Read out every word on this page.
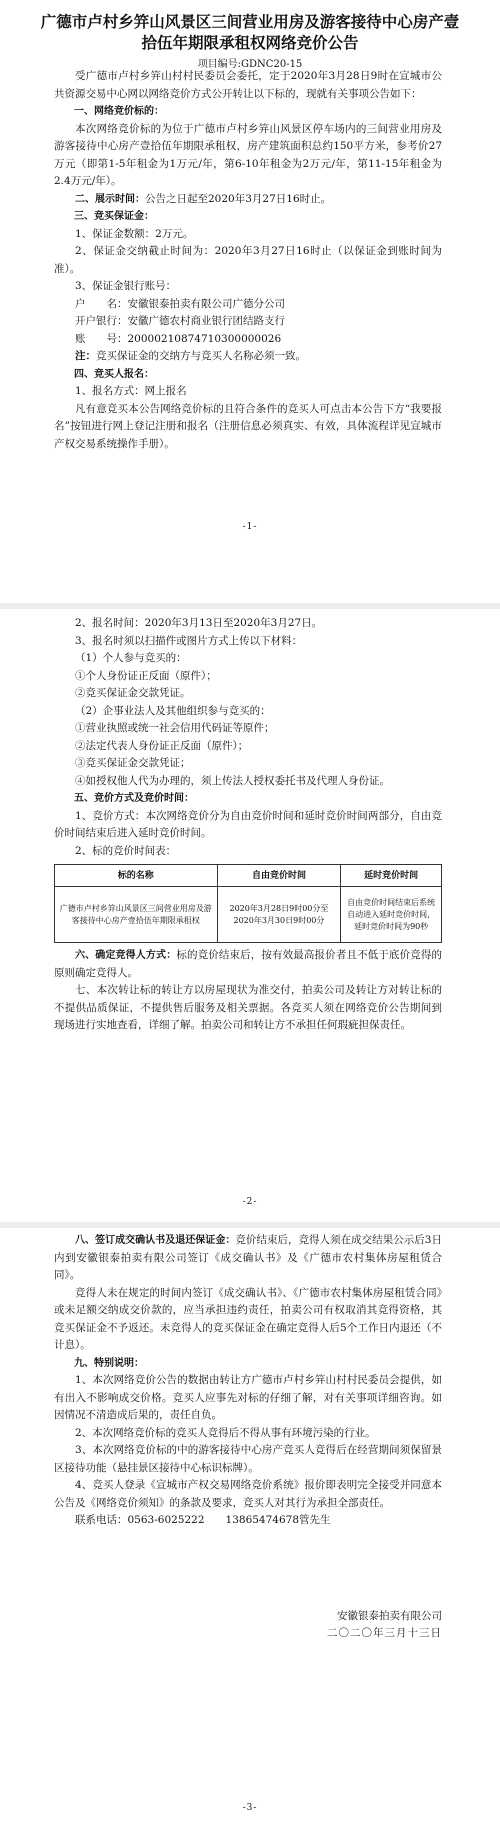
广德市卢村乡笄山风景区三间营业用房及游客接待中心房产壹拾伍年期限承租权网络竞价公告
项目编号:GDNC20-15

受广德市卢村乡笄山村村民委员会委托，定于2020年3月28日9时在宣城市公共资源交易中心网以网络竞价方式公开转让以下标的，现就有关事项公告如下：

一、网络竞价标的：

本次网络竞价标的为位于广德市卢村乡笄山风景区停车场内的三间营业用房及游客接待中心房产壹拾伍年期限承租权，房产建筑面积总约150平方米，参考价27万元（即第1-5年租金为1万元/年，第6-10年租金为2万元/年，第11-15年租金为2.4万元/年）。

二、展示时间：公告之日起至2020年3月27日16时止。

三、竞买保证金：

1、保证金数额：2万元。

2、保证金交纳截止时间为：2020年3月27日16时止（以保证金到账时间为准）。

3、保证金银行账号：

户　　名：安徽银泰拍卖有限公司广德分公司

开户银行：安徽广德农村商业银行团结路支行

账　　号：20000210874710300000026

注：竞买保证金的交纳方与竞买人名称必须一致。

四、竞买人报名：

1、报名方式：网上报名

凡有意竞买本公告网络竞价标的且符合条件的竞买人可点击本公告下方“我要报名”按钮进行网上登记注册和报名（注册信息必须真实、有效，具体流程详见宣城市产权交易系统操作手册）。

-1-

2、报名时间：2020年3月13日至2020年3月27日。

3、报名时须以扫描件或图片方式上传以下材料：

（1）个人参与竞买的：

①个人身份证正反面（原件）；

②竞买保证金交款凭证。

（2）企事业法人及其他组织参与竞买的：

①营业执照或统一社会信用代码证等原件；

②法定代表人身份证正反面（原件）；

③竞买保证金交款凭证；

④如授权他人代为办理的，须上传法人授权委托书及代理人身份证。

五、竞价方式及竞价时间：

1、竞价方式：本次网络竞价分为自由竞价时间和延时竞价时间两部分，自由竞价时间结束后进入延时竞价时间。

2、标的竞价时间表：

标的名称	自由竞价时间	延时竞价时间
广德市卢村乡笄山风景区三间营业用房及游客接待中心房产壹拾伍年期限承租权	2020年3月28日9时00分至2020年3月30日9时00分	自由竞价时间结束后系统自动进入延时竞价时间，延时竞价时间为90秒

六、确定竞得人方式：标的竞价结束后，按有效最高报价者且不低于底价竞得的原则确定竞得人。

七、本次转让标的转让方以房屋现状为准交付，拍卖公司及转让方对转让标的不提供品质保证，不提供售后服务及相关票据。各竞买人须在网络竞价公告期间到现场进行实地查看，详细了解。拍卖公司和转让方不承担任何瑕疵担保责任。

-2-

八、签订成交确认书及退还保证金：竞价结束后，竞得人须在成交结果公示后3日内到安徽银泰拍卖有限公司签订《成交确认书》及《广德市农村集体房屋租赁合同》。

竞得人未在规定的时间内签订《成交确认书》、《广德市农村集体房屋租赁合同》或未足额交纳成交价款的，应当承担违约责任，拍卖公司有权取消其竞得资格，其竞买保证金不予返还。未竞得人的竞买保证金在确定竞得人后5个工作日内退还（不计息）。

九、特别说明：

1、本次网络竞价公告的数据由转让方广德市卢村乡笄山村村民委员会提供，如有出入不影响成交价格。竞买人应事先对标的仔细了解，对有关事项详细咨询。如因情况不清造成后果的，责任自负。

2、本次网络竞价标的竞买人竞得后不得从事有环境污染的行业。

3、本次网络竞价标的中的游客接待中心房产竞买人竞得后在经营期间须保留景区接待功能（悬挂景区接待中心标识标牌）。

4、竞买人登录《宣城市产权交易网络竞价系统》报价即表明完全接受并同意本公告及《网络竞价须知》的条款及要求，竞买人对其行为承担全部责任。

联系电话：0563-6025222　　13865474678管先生

安徽银泰拍卖有限公司

二〇二〇年三月十三日

-3-
